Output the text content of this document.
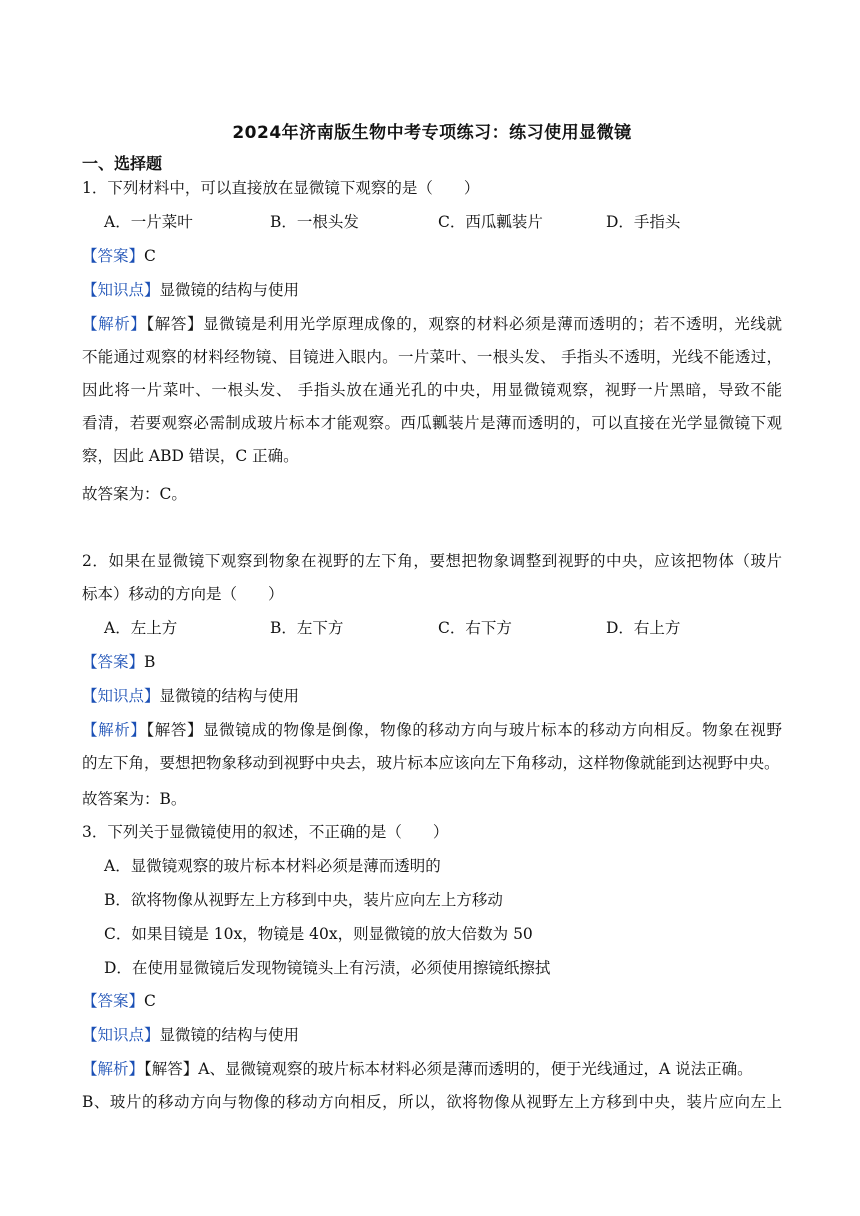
2024年济南版生物中考专项练习：练习使用显微镜
一、选择题
1．下列材料中，可以直接放在显微镜下观察的是（　　）
A．一片菜叶	B．一根头发	C．西瓜瓤装片	D．手指头
【答案】C
【知识点】显微镜的结构与使用
【解析】【解答】显微镜是利用光学原理成像的，观察的材料必须是薄而透明的；若不透明，光线就
不能通过观察的材料经物镜、目镜进入眼内。一片菜叶、一根头发、 手指头不透明，光线不能透过，
因此将一片菜叶、一根头发、 手指头放在通光孔的中央，用显微镜观察，视野一片黑暗，导致不能
看清，若要观察必需制成玻片标本才能观察。西瓜瓤装片是薄而透明的，可以直接在光学显微镜下观
察，因此 ABD 错误，C 正确。
故答案为：C。
2．如果在显微镜下观察到物象在视野的左下角，要想把物象调整到视野的中央，应该把物体（玻片
标本）移动的方向是（　　）
A．左上方	B．左下方	C．右下方	D．右上方
【答案】B
【知识点】显微镜的结构与使用
【解析】【解答】显微镜成的物像是倒像，物像的移动方向与玻片标本的移动方向相反。物象在视野
的左下角，要想把物象移动到视野中央去，玻片标本应该向左下角移动，这样物像就能到达视野中央。
故答案为：B。
3．下列关于显微镜使用的叙述，不正确的是（　　）
A．显微镜观察的玻片标本材料必须是薄而透明的
B．欲将物像从视野左上方移到中央，装片应向左上方移动
C．如果目镜是 10x，物镜是 40x，则显微镜的放大倍数为 50
D．在使用显微镜后发现物镜镜头上有污渍，必须使用擦镜纸擦拭
【答案】C
【知识点】显微镜的结构与使用
【解析】【解答】A、显微镜观察的玻片标本材料必须是薄而透明的，便于光线通过，A 说法正确。
B、玻片的移动方向与物像的移动方向相反，所以，欲将物像从视野左上方移到中央，装片应向左上
